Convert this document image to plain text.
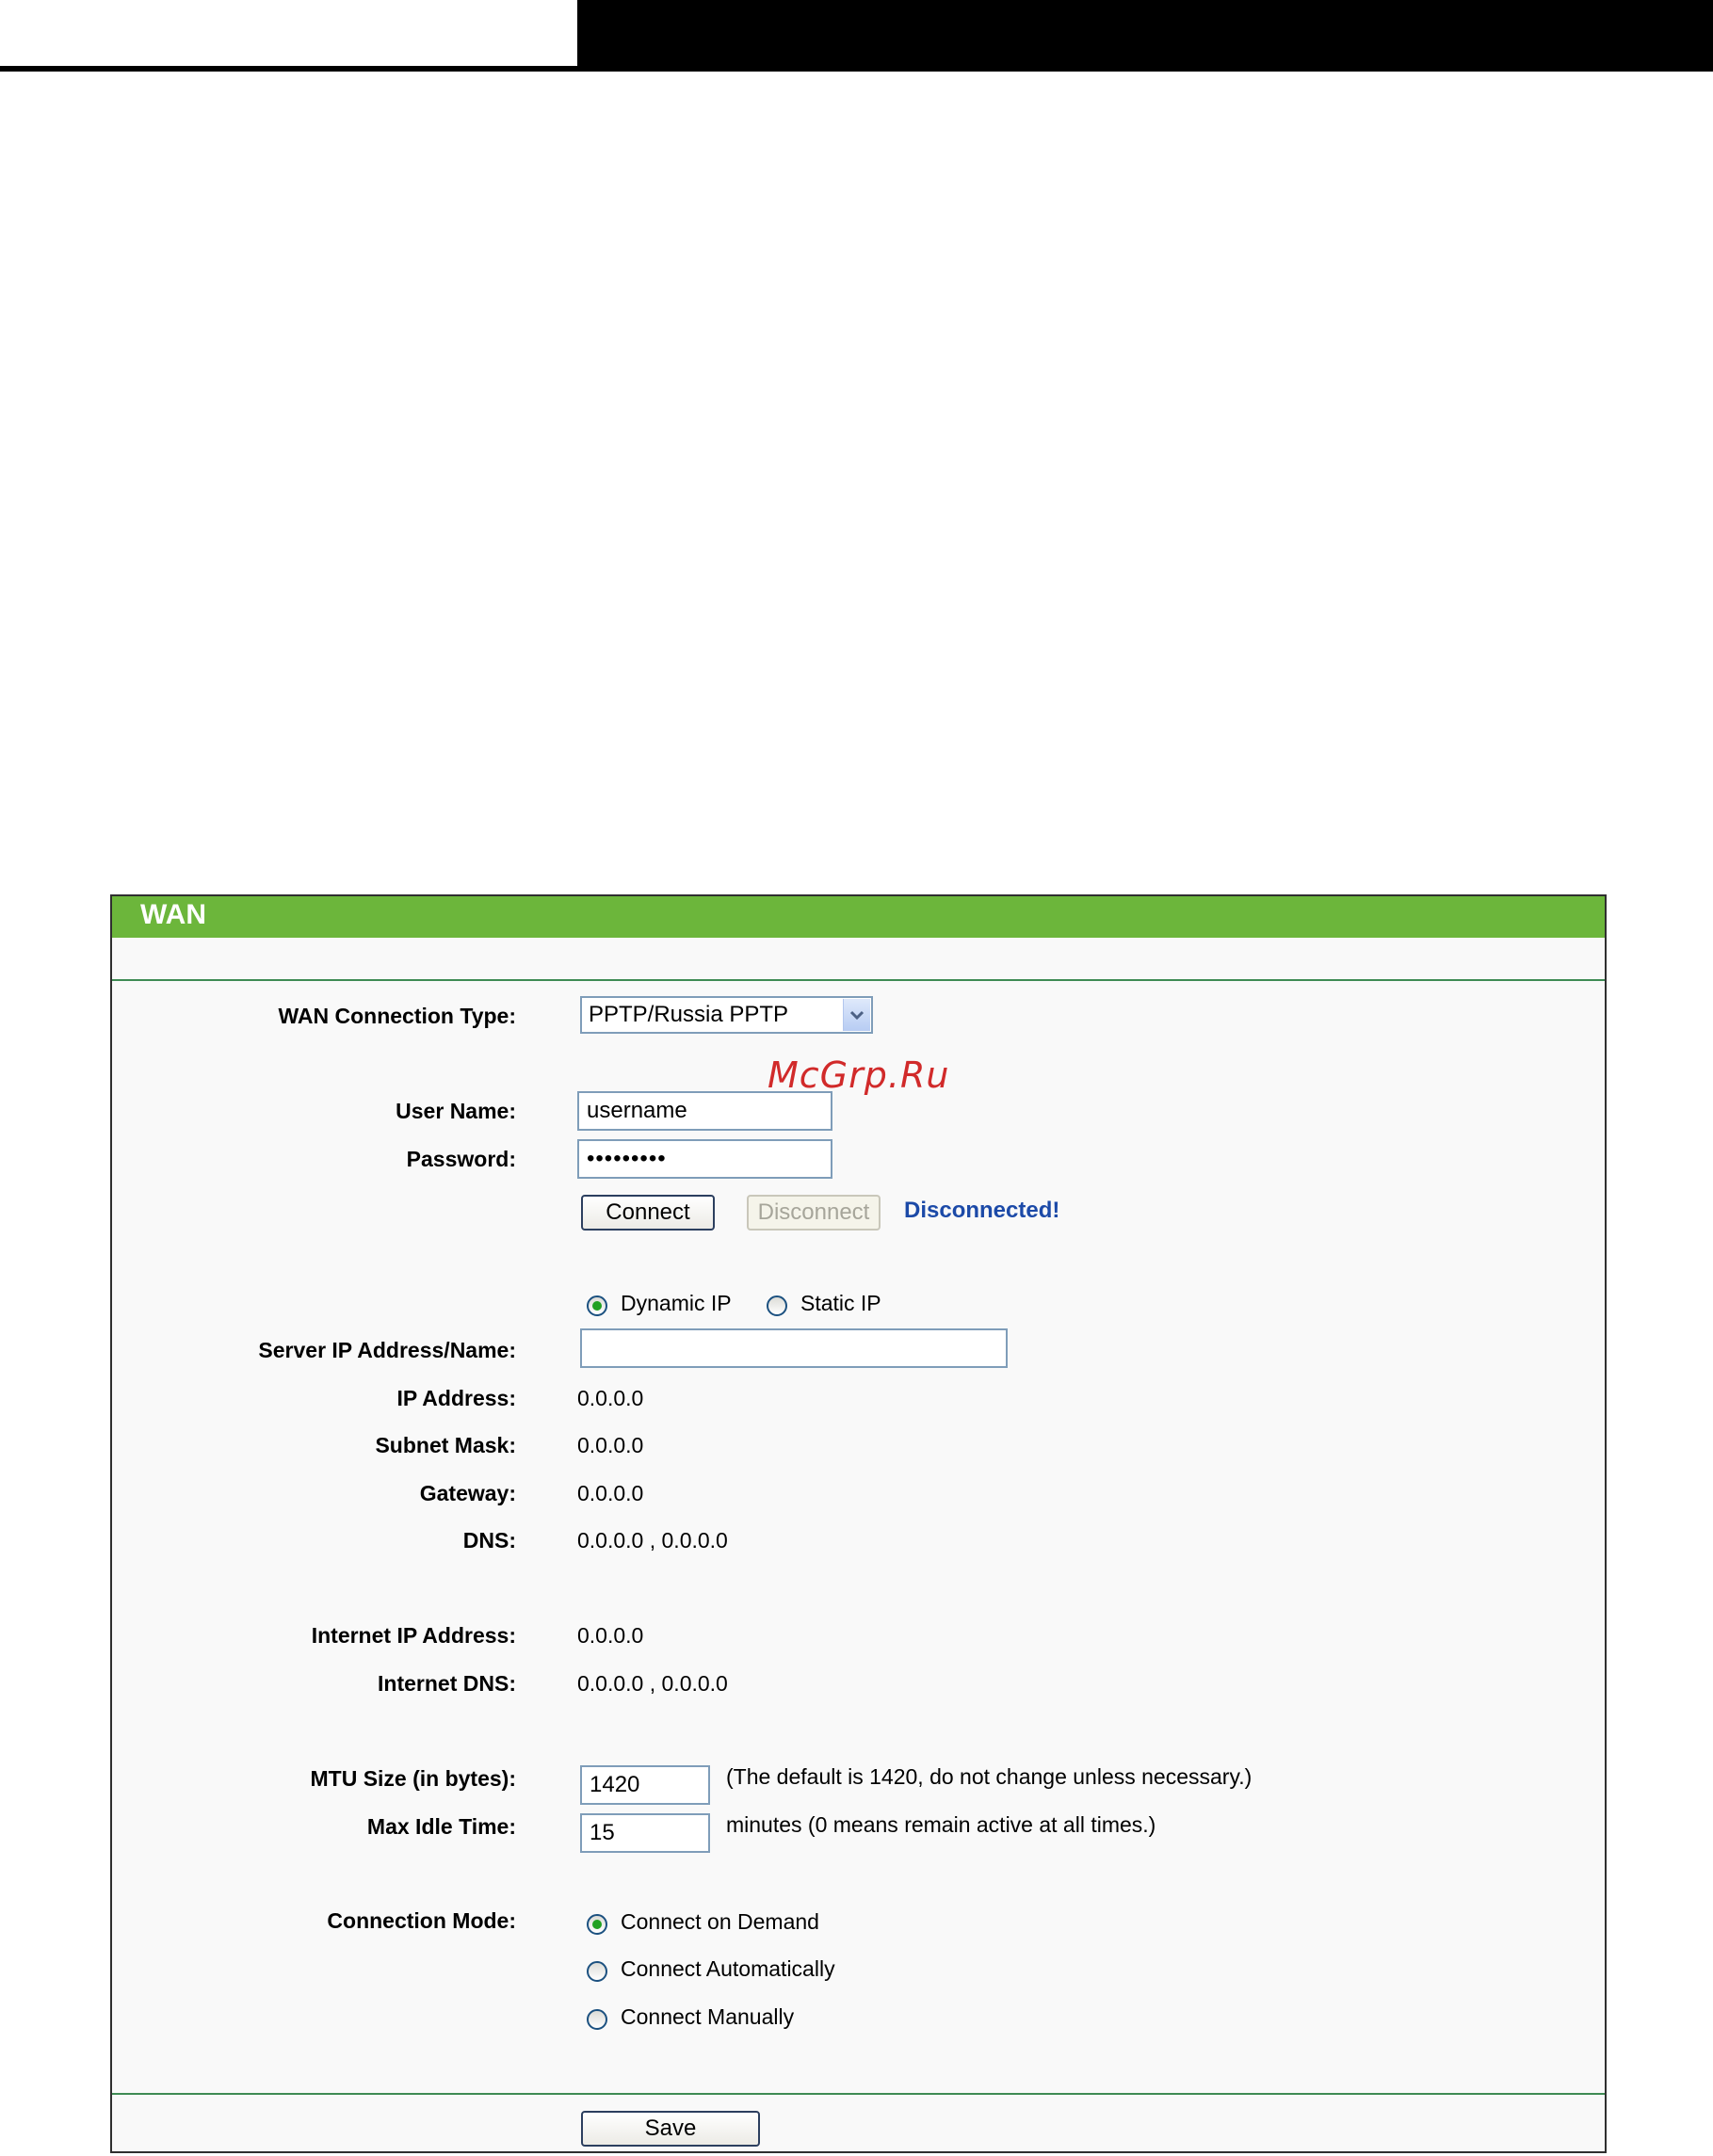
WAN
WAN Connection Type:	PPTP/Russia PPTP
User Name:	username
Password:	•••••••••
Connect	Disconnect	Disconnected!
Dynamic IP	Static IP
Server IP Address/Name:
IP Address:	0.0.0.0
Subnet Mask:	0.0.0.0
Gateway:	0.0.0.0
DNS:	0.0.0.0 , 0.0.0.0
Internet IP Address:	0.0.0.0
Internet DNS:	0.0.0.0 , 0.0.0.0
MTU Size (in bytes):	1420	(The default is 1420, do not change unless necessary.)
Max Idle Time:	15	minutes (0 means remain active at all times.)
Connection Mode:	Connect on Demand
Connect Automatically
Connect Manually
Save
McGrp.Ru
